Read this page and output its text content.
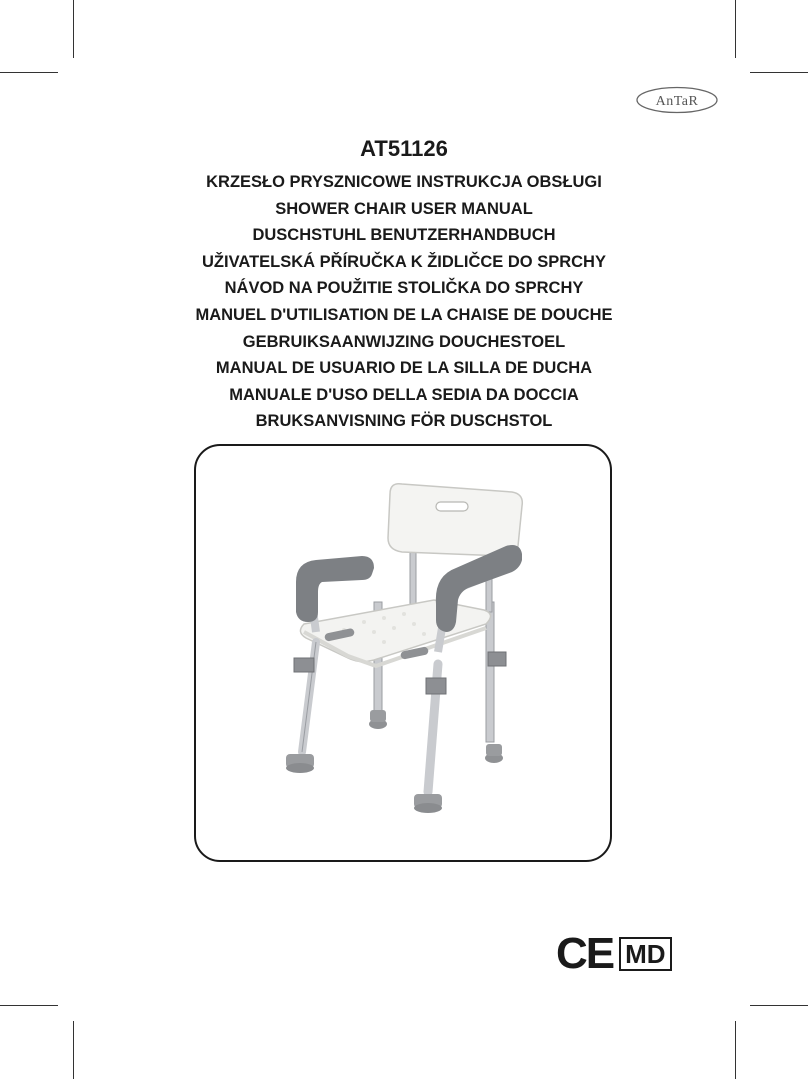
AnTaR
AT51126
KRZESŁO PRYSZNICOWE INSTRUKCJA OBSŁUGI
SHOWER CHAIR USER MANUAL
DUSCHSTUHL BENUTZERHANDBUCH
UŽIVATELSKÁ PŘÍRUČKA K ŽIDLIČCE DO SPRCHY
NÁVOD NA POUŽITIE STOLIČKA DO SPRCHY
MANUEL D'UTILISATION DE LA CHAISE DE DOUCHE
GEBRUIKSAANWIJZING DOUCHESTOEL
MANUAL DE USUARIO DE LA SILLA DE DUCHA
MANUALE D'USO DELLA SEDIA DA DOCCIA
BRUKSANVISNING FÖR DUSCHSTOL
CE MD
